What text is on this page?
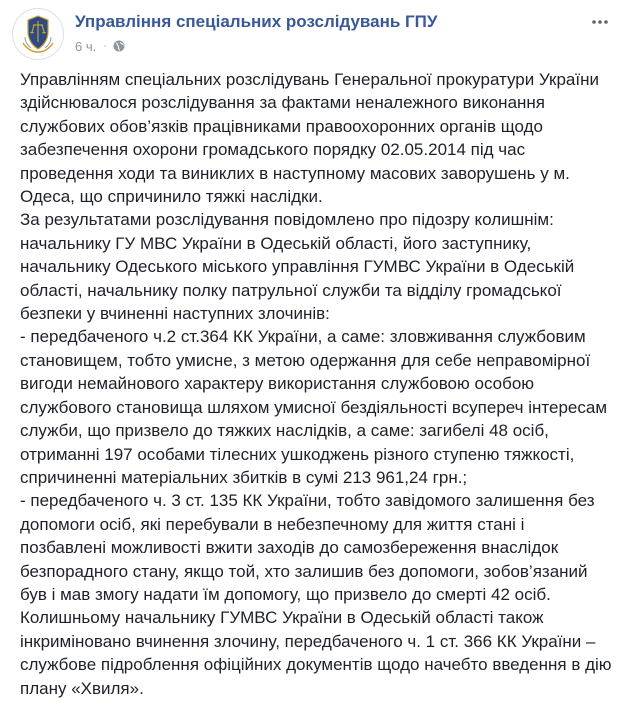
Управління спеціальних розслідувань ГПУ
6 ч. ·

Управлінням спеціальних розслідувань Генеральної прокуратури України здійснювалося розслідування за фактами неналежного виконання службових обов’язків працівниками правоохоронних органів щодо забезпечення охорони громадського порядку 02.05.2014 під час проведення ходи та виниклих в наступному масових заворушень у м. Одеса, що спричинило тяжкі наслідки.

За результатами розслідування повідомлено про підозру колишнім: начальнику ГУ МВС України в Одеській області, його заступнику, начальнику Одеського міського управління ГУМВС України в Одеській області, начальнику полку патрульної служби та відділу громадської безпеки у вчиненні наступних злочинів:

- передбаченого ч.2 ст.364 КК України, а саме: зловживання службовим становищем, тобто умисне, з метою одержання для себе неправомірної вигоди немайнового характеру використання службовою особою службового становища шляхом умисної бездіяльності всупереч інтересам служби, що призвело до тяжких наслідків, а саме: загибелі 48 осіб, отриманні 197 особами тілесних ушкоджень різного ступеню тяжкості, спричиненні матеріальних збитків в сумі 213 961,24 грн.;

- передбаченого ч. 3 ст. 135 КК України, тобто завідомого залишення без допомоги осіб, які перебували в небезпечному для життя стані і позбавлені можливості вжити заходів до самозбереження внаслідок безпорадного стану, якщо той, хто залишив без допомоги, зобов’язаний був і мав змогу надати їм допомогу, що призвело до смерті 42 осіб.

Колишньому начальнику ГУМВС України в Одеській області також інкриміновано вчинення злочину, передбаченого ч. 1 ст. 366 КК України – службове підроблення офіційних документів щодо начебто введення в дію плану «Хвиля».
